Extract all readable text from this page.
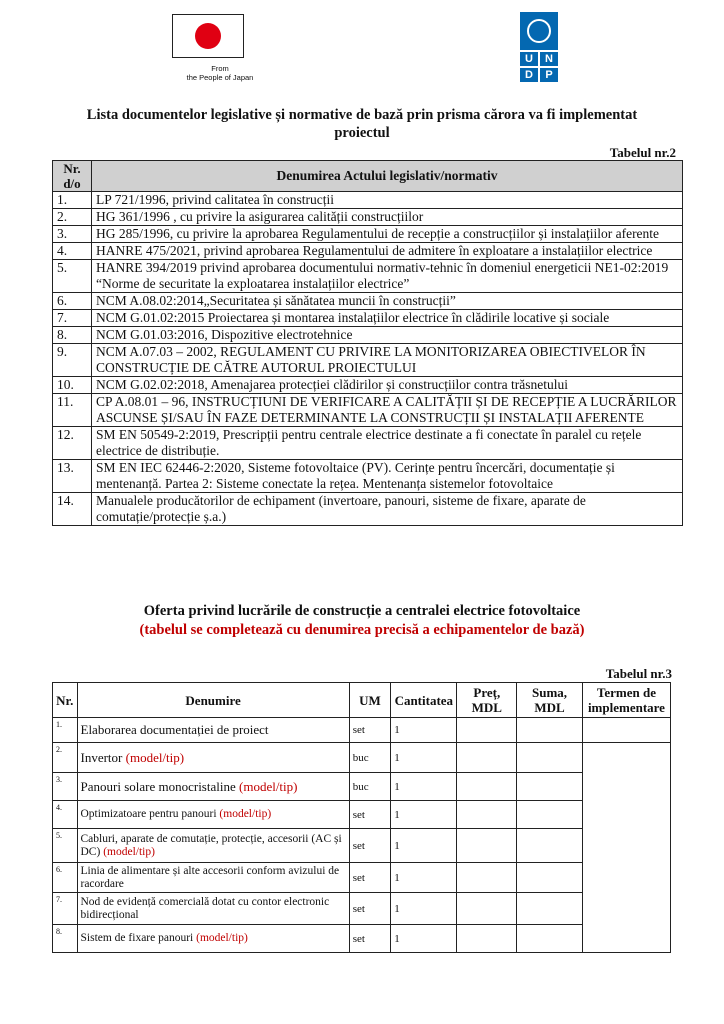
From
the People of Japan
U	N
D	P
Lista documentelor legislative și normative de bază prin prisma cărora va fi implementat proiectul
Tabelul nr.2
Nr. d/o	Denumirea Actului legislativ/normativ
1.	LP 721/1996, privind calitatea în construcții
2.	HG 361/1996 , cu privire la asigurarea calității construcțiilor
3.	HG 285/1996, cu privire la aprobarea Regulamentului de recepție a construcțiilor și instalațiilor aferente
4.	HANRE 475/2021, privind aprobarea Regulamentului de admitere în exploatare a instalațiilor electrice
5.	HANRE 394/2019 privind aprobarea documentului normativ-tehnic în domeniul energeticii NE1-02:2019 “Norme de securitate la exploatarea instalațiilor electrice”
6.	NCM A.08.02:2014„Securitatea și sănătatea muncii în construcții”
7.	NCM G.01.02:2015 Proiectarea și montarea instalațiilor electrice în clădirile locative și sociale
8.	NCM G.01.03:2016, Dispozitive electrotehnice
9.	NCM A.07.03 – 2002, REGULAMENT CU PRIVIRE LA MONITORIZAREA OBIECTIVELOR ÎN CONSTRUCȚIE DE CĂTRE AUTORUL PROIECTULUI
10.	NCM G.02.02:2018, Amenajarea protecției clădirilor și construcțiilor contra trăsnetului
11.	CP A.08.01 – 96, INSTRUCȚIUNI DE VERIFICARE A CALITĂȚII ȘI DE RECEPȚIE A LUCRĂRILOR ASCUNSE ȘI/SAU ÎN FAZE DETERMINANTE LA CONSTRUCȚII ȘI INSTALAȚII AFERENTE
12.	SM EN 50549-2:2019, Prescripții pentru centrale electrice destinate a fi conectate în paralel cu rețele electrice de distribuție.
13.	SM EN IEC 62446-2:2020, Sisteme fotovoltaice (PV). Cerințe pentru încercări, documentație și mentenanță. Partea 2: Sisteme conectate la rețea. Mentenanța sistemelor fotovoltaice
14.	Manualele producătorilor de echipament (invertoare, panouri, sisteme de fixare, aparate de comutație/protecție ș.a.)
Oferta privind lucrările de construcție a centralei electrice fotovoltaice
(tabelul se completează cu denumirea precisă a echipamentelor de bază)
Tabelul nr.3
Nr.	Denumire	UM	Cantitatea	Preț, MDL	Suma, MDL	Termen de implementare
1.	Elaborarea documentației de proiect	set	1			
2.	Invertor (model/tip)	buc	1			
3.	Panouri solare monocristaline (model/tip)	buc	1			
4.	Optimizatoare pentru panouri (model/tip)	set	1			
5.	Cabluri, aparate de comutație, protecție, accesorii (AC și DC) (model/tip)	set	1			
6.	Linia de alimentare și alte accesorii conform avizului de racordare	set	1			
7.	Nod de evidență comercială dotat cu contor electronic bidirecțional	set	1			
8.	Sistem de fixare panouri (model/tip)	set	1			
